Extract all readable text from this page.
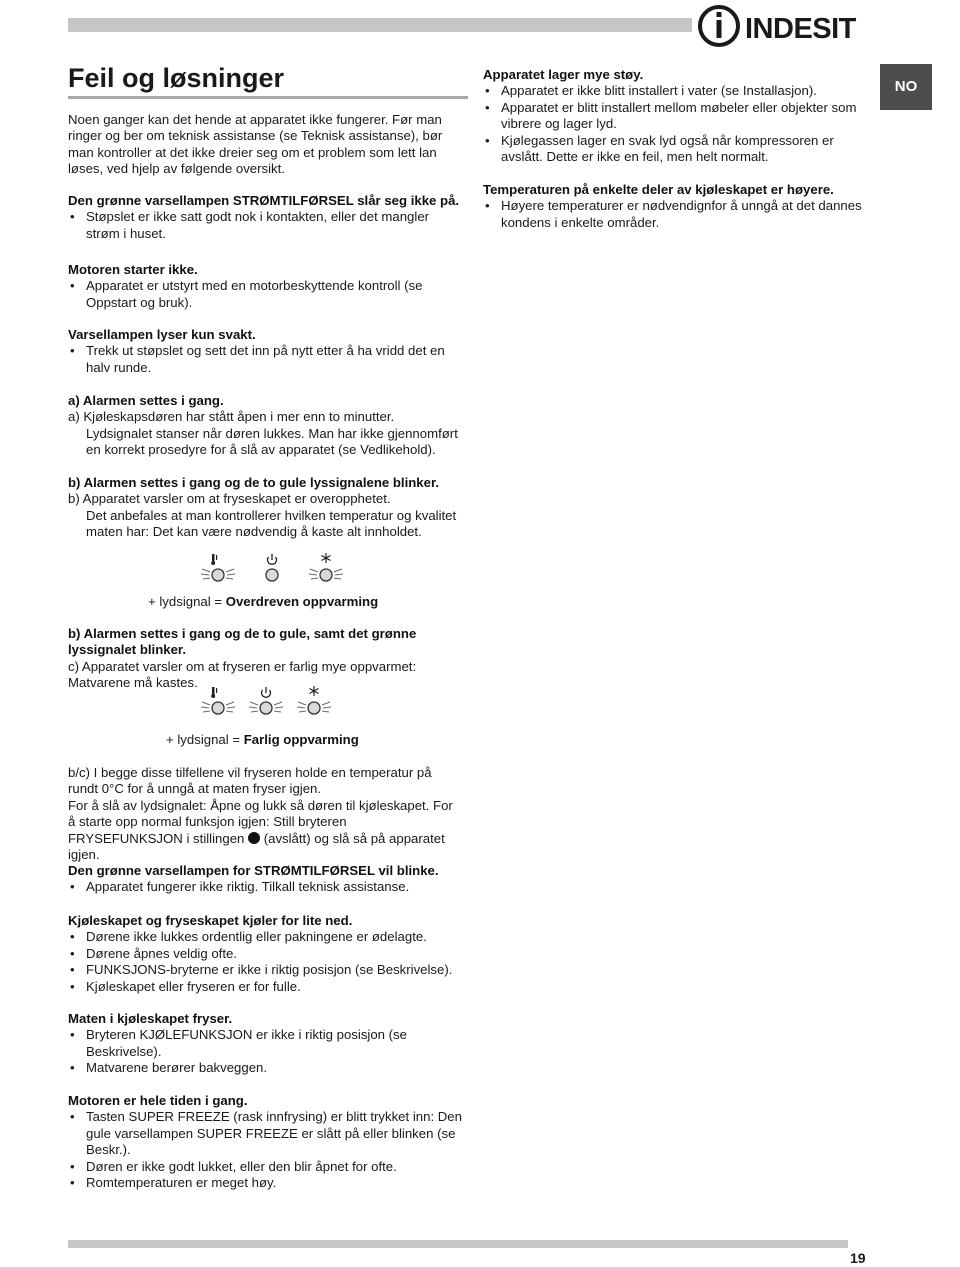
INDESIT
NO
Feil og løsninger

Noen ganger kan det hende at apparatet ikke fungerer. Før man ringer og ber om teknisk assistanse (se Teknisk assistanse), bør man kontroller at det ikke dreier seg om et problem som lett lan løses, ved hjelp av følgende oversikt.

Den grønne varsellampen STRØMTILFØRSEL slår seg ikke på.

• Støpslet er ikke satt godt nok i kontakten, eller det mangler strøm i huset.

Motoren starter ikke.

• Apparatet er utstyrt med en motorbeskyttende kontroll (se Oppstart og bruk).

Varsellampen lyser kun svakt.

• Trekk ut støpslet og sett det inn på nytt etter å ha vridd det en halv runde.

a) Alarmen settes i gang.

a) Kjøleskapsdøren har stått åpen i mer enn to minutter.

Lydsignalet stanser når døren lukkes. Man har ikke gjennomført en korrekt prosedyre for å slå av apparatet (se Vedlikehold).

b) Alarmen settes i gang og de to gule lyssignalene blinker.

b) Apparatet varsler om at fryseskapet er overopphetet.

Det anbefales at man kontrollerer hvilken temperatur og kvalitet maten har: Det kan være nødvendig å kaste alt innholdet.

+ lydsignal = Overdreven oppvarming

b) Alarmen settes i gang og de to gule, samt det grønne lyssignalet blinker.

c) Apparatet varsler om at fryseren er farlig mye oppvarmet: Matvarene må kastes.

+ lydsignal = Farlig oppvarming

b/c) I begge disse tilfellene vil fryseren holde en temperatur på rundt 0°C for å unngå at maten fryser igjen.

For å slå av lydsignalet: Åpne og lukk så døren til kjøleskapet. For å starte opp normal funksjon igjen: Still bryteren FRYSEFUNKSJON i stillingen (avslått) og slå så på apparatet igjen.

Den grønne varsellampen for STRØMTILFØRSEL vil blinke.

• Apparatet fungerer ikke riktig. Tilkall teknisk assistanse.

Kjøleskapet og fryseskapet kjøler for lite ned.

• Dørene ikke lukkes ordentlig eller pakningene er ødelagte.
• Dørene åpnes veldig ofte.
• FUNKSJONS-bryterne er ikke i riktig posisjon (se Beskrivelse).
• Kjøleskapet eller fryseren er for fulle.

Maten i kjøleskapet fryser.

• Bryteren KJØLEFUNKSJON er ikke i riktig posisjon (se Beskrivelse).
• Matvarene berører bakveggen.

Motoren er hele tiden i gang.

• Tasten SUPER FREEZE (rask innfrysing) er blitt trykket inn: Den gule varsellampen SUPER FREEZE er slått på eller blinken (se Beskr.).
• Døren er ikke godt lukket, eller den blir åpnet for ofte.
• Romtemperaturen er meget høy.

Apparatet lager mye støy.

• Apparatet er ikke blitt installert i vater (se Installasjon).
• Apparatet er blitt installert mellom møbeler eller objekter som vibrere og lager lyd.
• Kjølegassen lager en svak lyd også når kompressoren er avslått. Dette er ikke en feil, men helt normalt.

Temperaturen på enkelte deler av kjøleskapet er høyere.

• Høyere temperaturer er nødvendignfor å unngå at det dannes kondens i enkelte områder.
19
